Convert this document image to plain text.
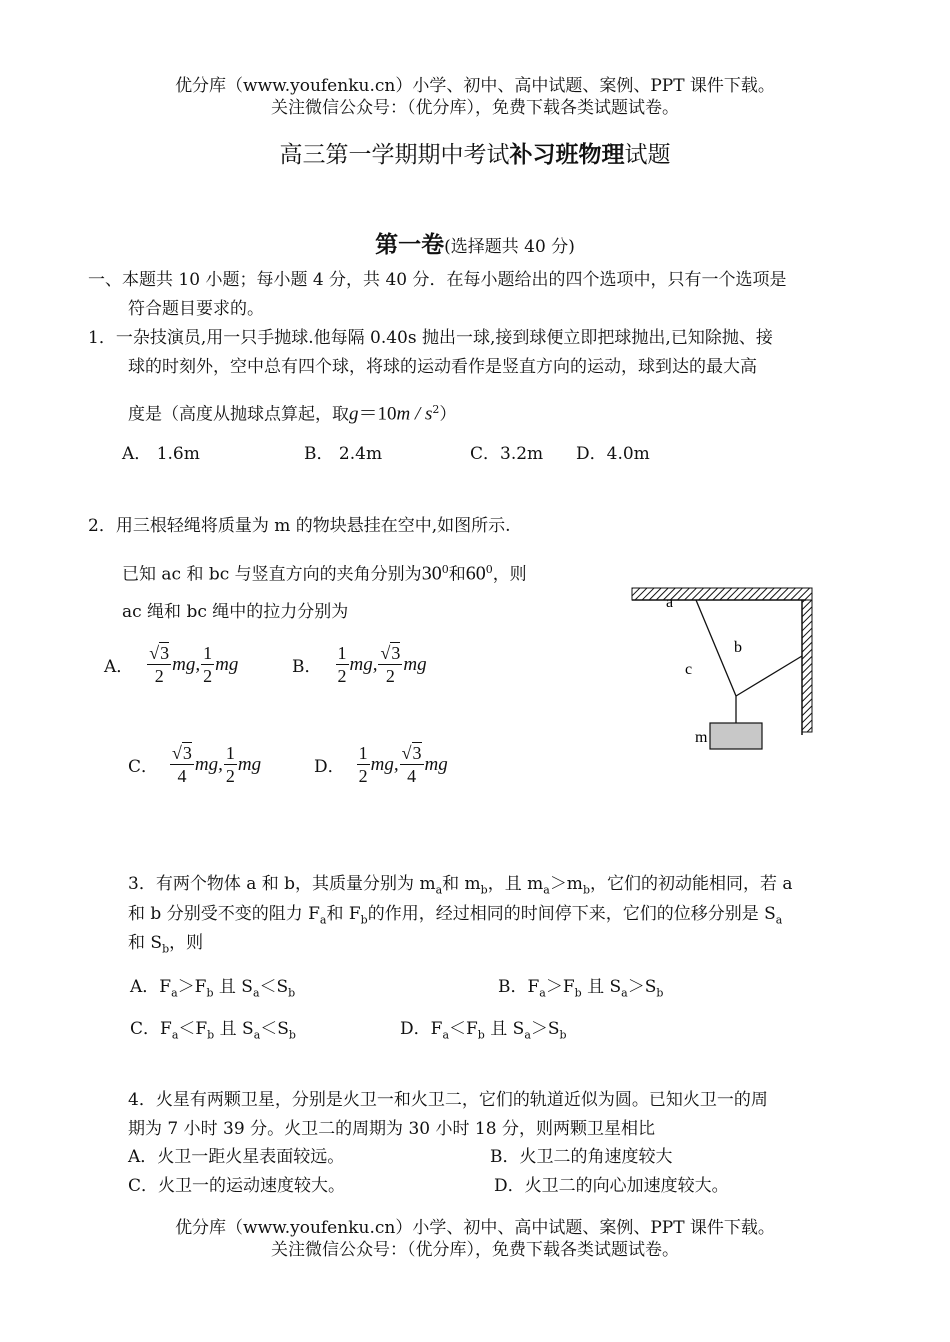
优分库（www.youfenku.cn）小学、初中、高中试题、案例、PPT 课件下载。
关注微信公众号：（优分库），免费下载各类试题试卷。
高三第一学期期中考试补习班物理试题
第一卷(选择题共 40 分)
一、本题共 10 小题；每小题 4 分，共 40 分．在每小题给出的四个选项中，只有一个选项是
符合题目要求的。
1．一杂技演员,用一只手抛球.他每隔 0.40s 抛出一球,接到球便立即把球抛出,已知除抛、接
球的时刻外，空中总有四个球，将球的运动看作是竖直方向的运动，球到达的最大高
度是（高度从抛球点算起，取$g=10m / s^2$）
A． 1.6m	B． 2.4m	C．3.2m D．4.0m
2．用三根轻绳将质量为 m 的物块悬挂在空中,如图所示.
已知 ac 和 bc 与竖直方向的夹角分别为$30^0$和$60^0$，则
ac 绳和 bc 绳中的拉力分别为
A． $\frac{√3}{2}$ mg , $\frac{1}{2}$ mg	B． $\frac{1}{2}$ mg , $\frac{√3}{2}$ mg
C． $\frac{√3}{4}$ mg , $\frac{1}{2}$ mg	D． $\frac{1}{2}$ mg , $\frac{√3}{4}$ mg
a
b
c
m
3．有两个物体 a 和 b，其质量分别为 $m_a$和 $m_b$，且 $m_a>m_b$，它们的初动能相同，若 a
和 b 分别受不变的阻力 $F_a$和 $F_b$的作用，经过相同的时间停下来，它们的位移分别是 $S_a$
和 $S_b$，则
A．$F_a>F_b$ 且 $S_a<S_b$	B．$F_a>F_b$ 且 $S_a>S_b$
C．$F_a<F_b$ 且 $S_a<S_b$	D．$F_a<F_b$ 且 $S_a>S_b$
4．火星有两颗卫星，分别是火卫一和火卫二，它们的轨道近似为圆。已知火卫一的周
期为 7 小时 39 分。火卫二的周期为 30 小时 18 分，则两颗卫星相比
A．火卫一距火星表面较远。	B．火卫二的角速度较大
C．火卫一的运动速度较大。	D．火卫二的向心加速度较大。
优分库（www.youfenku.cn）小学、初中、高中试题、案例、PPT 课件下载。
关注微信公众号：（优分库），免费下载各类试题试卷。
